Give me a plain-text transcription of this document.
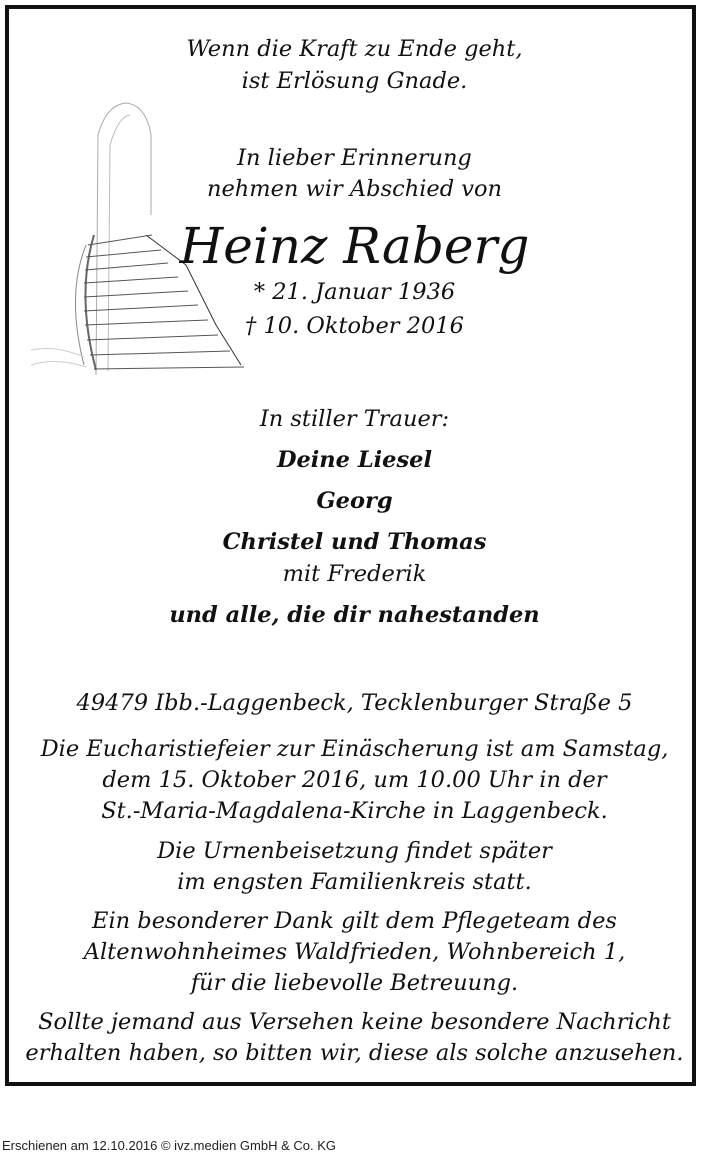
Wenn die Kraft zu Ende geht,
ist Erlösung Gnade.
In lieber Erinnerung
nehmen wir Abschied von
Heinz Raberg
* 21. Januar 1936
† 10. Oktober 2016
In stiller Trauer:
Deine Liesel
Georg
Christel und Thomas
mit Frederik
und alle, die dir nahestanden
49479 Ibb.-Laggenbeck, Tecklenburger Straße 5
Die Eucharistiefeier zur Einäscherung ist am Samstag,
dem 15. Oktober 2016, um 10.00 Uhr in der
St.-Maria-Magdalena-Kirche in Laggenbeck.
Die Urnenbeisetzung findet später
im engsten Familienkreis statt.
Ein besonderer Dank gilt dem Pflegeteam des
Altenwohnheimes Waldfrieden, Wohnbereich 1,
für die liebevolle Betreuung.
Sollte jemand aus Versehen keine besondere Nachricht
erhalten haben, so bitten wir, diese als solche anzusehen.
Erschienen am 12.10.2016 © ivz.medien GmbH & Co. KG
